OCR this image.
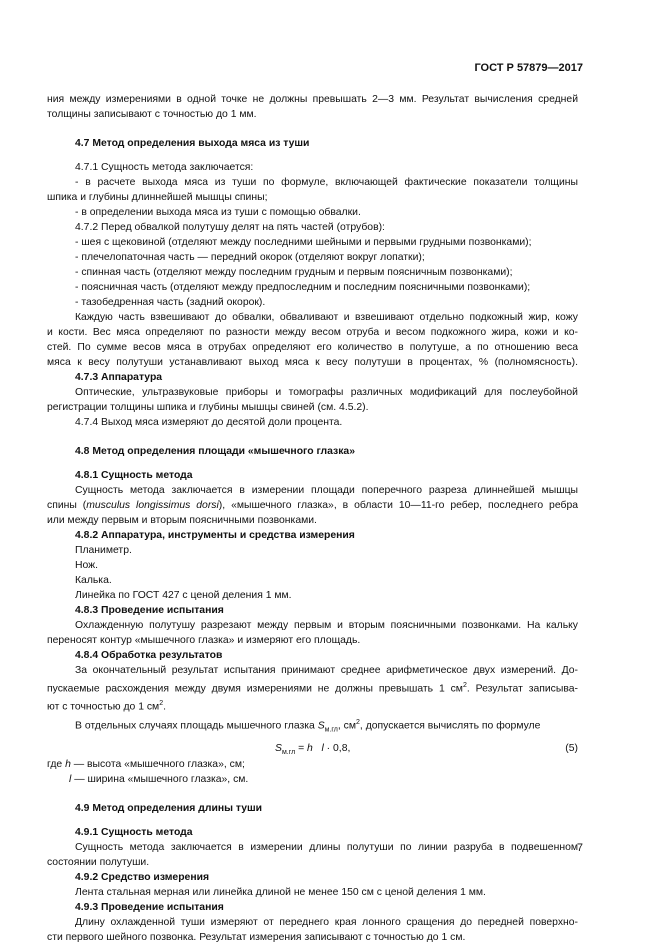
ГОСТ Р 57879—2017

ния между измерениями в одной точке не должны превышать 2—3 мм. Результат вычисления средней

толщины записывают с точностью до 1 мм.

4.7 Метод определения выхода мяса из туши

4.7.1 Сущность метода заключается:

- в расчете выхода мяса из туши по формуле, включающей фактические показатели толщины

шпика и глубины длиннейшей мышцы спины;

- в определении выхода мяса из туши с помощью обвалки.

4.7.2 Перед обвалкой полутушу делят на пять частей (отрубов):

- шея с щековиной (отделяют между последними шейными и первыми грудными позвонками);

- плечелопаточная часть — передний окорок (отделяют вокруг лопатки);

- спинная часть (отделяют между последним грудным и первым поясничным позвонками);

- поясничная часть (отделяют между предпоследним и последним поясничными позвонками);

- тазобедренная часть (задний окорок).

Каждую часть взвешивают до обвалки, обваливают и взвешивают отдельно подкожный жир, кожу

и кости. Вес мяса определяют по разности между весом отруба и весом подкожного жира, кожи и ко-

стей. По сумме весов мяса в отрубах определяют его количество в полутуше, а по отношению веса

мяса к весу полутуши устанавливают выход мяса к весу полутуши в процентах, % (полномясность).

4.7.3 Аппаратура

Оптические, ультразвуковые приборы и томографы различных модификаций для послеубойной

регистрации толщины шпика и глубины мышцы свиней (см. 4.5.2).

4.7.4 Выход мяса измеряют до десятой доли процента.

4.8 Метод определения площади «мышечного глазка»

4.8.1 Сущность метода

Сущность метода заключается в измерении площади поперечного разреза длиннейшей мышцы

спины (musculus longissimus dorsi), «мышечного глазка», в области 10—11-го ребер, последнего ребра

или между первым и вторым поясничными позвонками.

4.8.2 Аппаратура, инструменты и средства измерения

Планиметр.

Нож.

Калька.

Линейка по ГОСТ 427 с ценой деления 1 мм.

4.8.3 Проведение испытания

Охлажденную полутушу разрезают между первым и вторым поясничными позвонками. На кальку

переносят контур «мышечного глазка» и измеряют его площадь.

4.8.4 Обработка результатов

За окончательный результат испытания принимают среднее арифметическое двух измерений. До-

пускаемые расхождения между двумя измерениями не должны превышать 1 $см^2$. Результат записыва-

ют с точностью до 1 $см^2$.

В отдельных случаях площадь мышечного глазка $S_{м.гл}$, $см^2$, допускается вычислять по формуле

$S_{м.гл} = h$ l · 0,8,	(5)

где h — высота «мышечного глазка», см;

l — ширина «мышечного глазка», см.

4.9 Метод определения длины туши

4.9.1 Сущность метода

Сущность метода заключается в измерении длины полутуши по линии разруба в подвешенном

состоянии полутуши.

4.9.2 Средство измерения

Лента стальная мерная или линейка длиной не менее 150 см с ценой деления 1 мм.

4.9.3 Проведение испытания

Длину охлажденной туши измеряют от переднего края лонного сращения до передней поверхно-

сти первого шейного позвонка. Результат измерения записывают с точностью до 1 см.

7
